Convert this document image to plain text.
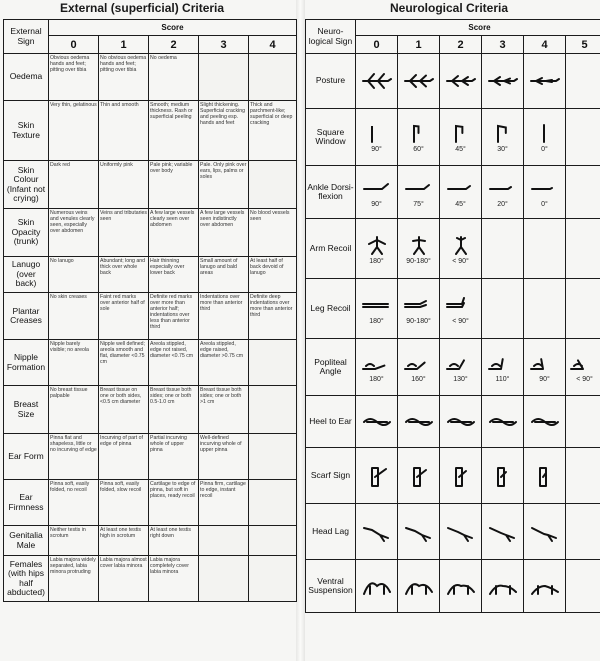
External (superficial) Criteria	Neurological Criteria
External Sign	Score				
	0	1	2	3	4
Oedema	Obvious oedema hands and feet; pitting over tibia	No obvious oedema hands and feet; pitting over tibia	No oedema		
Skin Texture	Very thin, gelatinous	Thin and smooth	Smooth; medium thickness. Rash or superficial peeling	Slight thickening. Superficial cracking and peeling esp. hands and feet	Thick and parchment-like; superficial or deep cracking
Skin Colour (Infant not crying)	Dark red	Uniformly pink	Pale pink; variable over body	Pale. Only pink over ears, lips, palms or soles	
Skin Opacity (trunk)	Numerous veins and venules clearly seen, especially over abdomen	Veins and tributaries seen	A few large vessels clearly seen over abdomen	A few large vessels seen indistinctly over abdomen	No blood vessels seen
Lanugo (over back)	No lanugo	Abundant; long and thick over whole back	Hair thinning especially over lower back	Small amount of lanugo and bald areas	At least half of back devoid of lanugo
Plantar Creases	No skin creases	Faint red marks over anterior half of sole	Definite red marks over more than anterior half; indentations over less than anterior third	Indentations over more than anterior third	Definite deep indentations over more than anterior third
Nipple Formation	Nipple barely visible; no areola	Nipple well defined; areola smooth and flat, diameter <0.75 cm	Areola stippled, edge not raised, diameter <0.75 cm	Areola stippled, edge raised, diameter >0.75 cm	
Breast Size	No breast tissue palpable	Breast tissue on one or both sides, <0.5 cm diameter	Breast tissue both sides; one or both 0.5-1.0 cm	Breast tissue both sides; one or both >1 cm	
Ear Form	Pinna flat and shapeless, little or no incurving of edge	Incurving of part of edge of pinna	Partial incurving whole of upper pinna	Well-defined incurving whole of upper pinna	
Ear Firmness	Pinna soft, easily folded, no recoil	Pinna soft, easily folded, slow recoil	Cartilage to edge of pinna, but soft in places, ready recoil	Pinna firm, cartilage to edge, instant recoil	
Genitalia Male	Neither testis in scrotum	At least one testis high in scrotum	At least one testis right down		
Females (with hips half abducted)	Labia majora widely separated, labia minora protruding	Labia majora almost cover labia minora	Labia majora completely cover labia minora		
Neuro-logical Sign	Score					
	0	1	2	3	4	5
Posture	

Square Window	90°	60°	45°	30°	0°	

Ankle Dorsi-flexion	90°	75°	45°	20°	0°	

Arm Recoil	180°	90-180°	< 90°			

Leg Recoil	180°	90-180°	< 90°			

Popliteal Angle	180°	160°	130°	110°	90°	< 90°

Heel to Ear	

Scarf Sign	

Head Lag	

Ventral Suspension	
